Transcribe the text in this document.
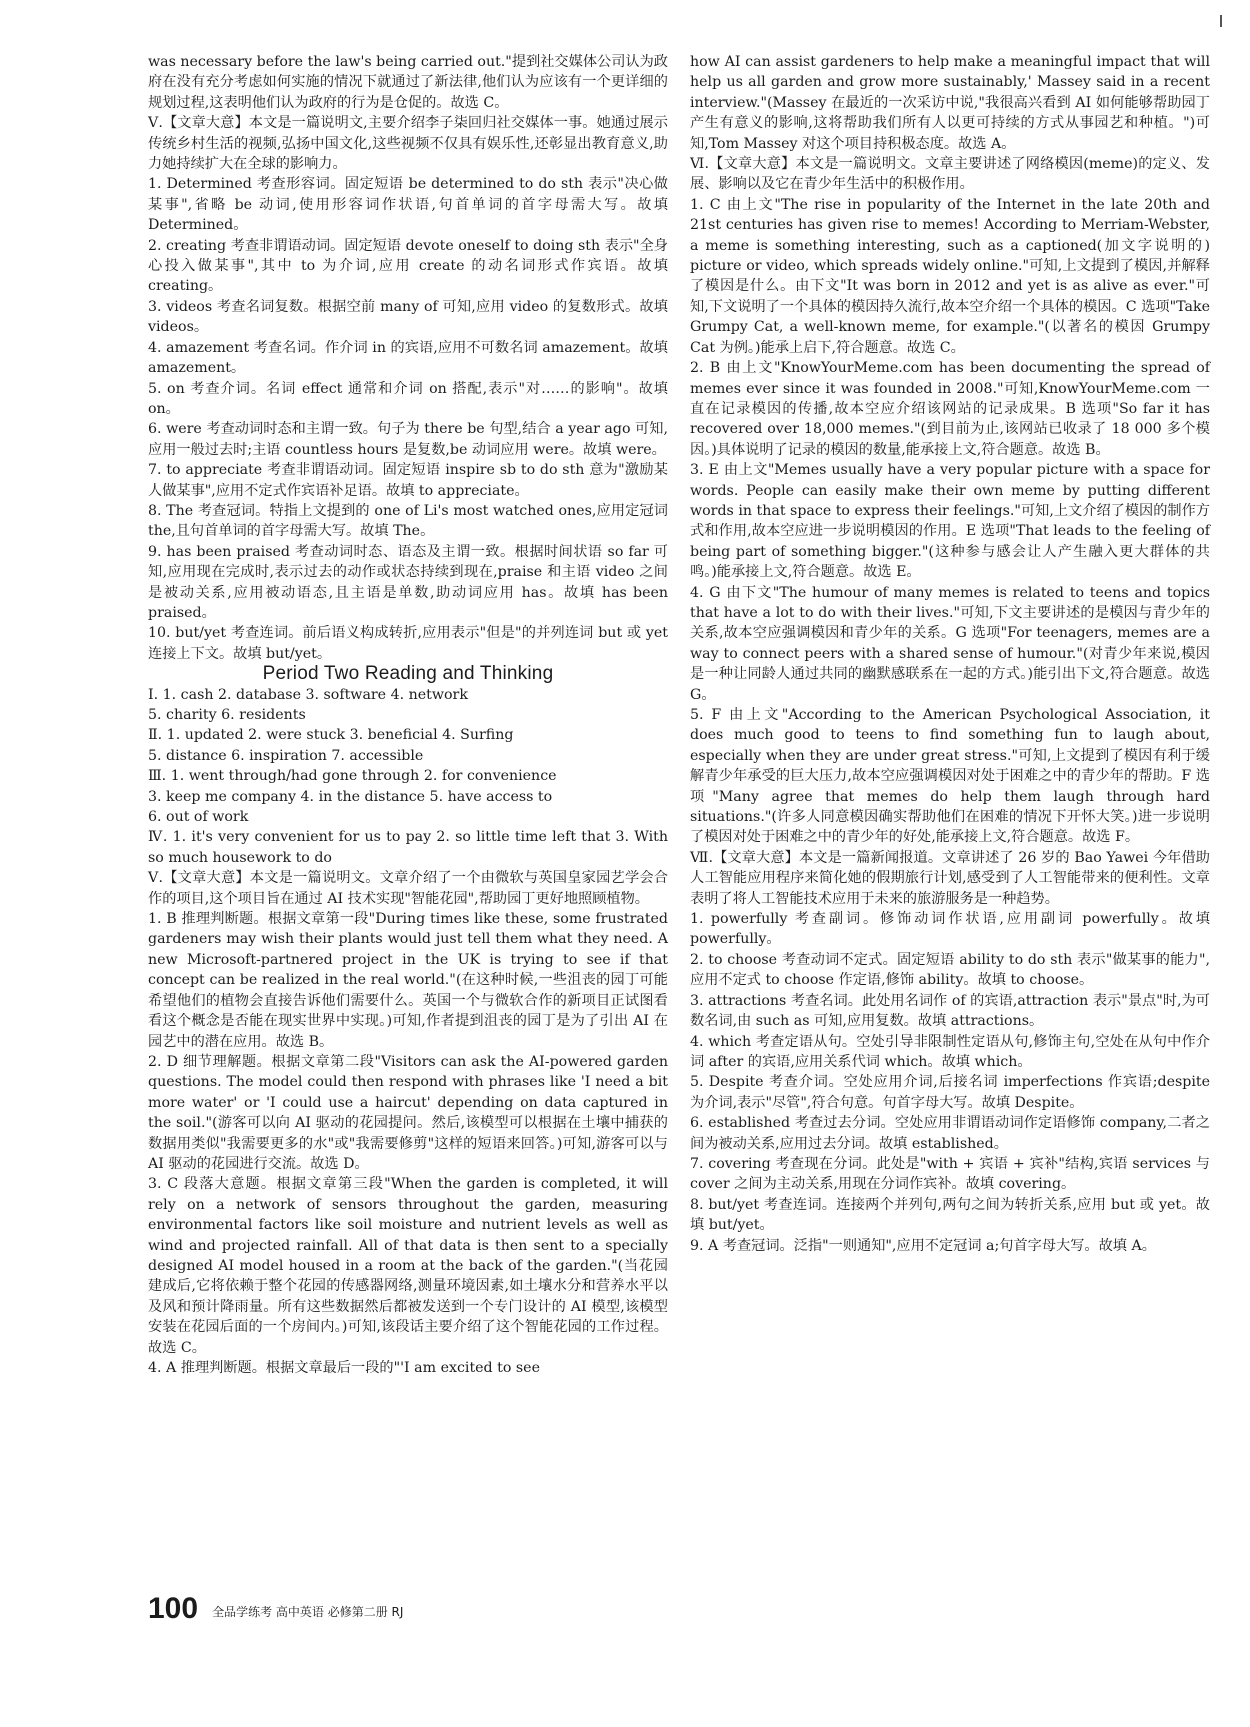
was necessary before the law's being carried out."提到社交媒体公司认为政府在没有充分考虑如何实施的情况下就通过了新法律,他们认为应该有一个更详细的规划过程,这表明他们认为政府的行为是仓促的。故选 C。

Ⅴ.【文章大意】本文是一篇说明文,主要介绍李子柒回归社交媒体一事。她通过展示传统乡村生活的视频,弘扬中国文化,这些视频不仅具有娱乐性,还彰显出教育意义,助力她持续扩大在全球的影响力。

1. Determined 考查形容词。固定短语 be determined to do sth 表示"决心做某事",省略 be 动词,使用形容词作状语,句首单词的首字母需大写。故填 Determined。

2. creating 考查非谓语动词。固定短语 devote oneself to doing sth 表示"全身心投入做某事",其中 to 为介词,应用 create 的动名词形式作宾语。故填 creating。

3. videos 考查名词复数。根据空前 many of 可知,应用 video 的复数形式。故填 videos。

4. amazement 考查名词。作介词 in 的宾语,应用不可数名词 amazement。故填 amazement。

5. on 考查介词。名词 effect 通常和介词 on 搭配,表示"对……的影响"。故填 on。

6. were 考查动词时态和主谓一致。句子为 there be 句型,结合 a year ago 可知,应用一般过去时;主语 countless hours 是复数,be 动词应用 were。故填 were。

7. to appreciate 考查非谓语动词。固定短语 inspire sb to do sth 意为"激励某人做某事",应用不定式作宾语补足语。故填 to appreciate。

8. The 考查冠词。特指上文提到的 one of Li's most watched ones,应用定冠词 the,且句首单词的首字母需大写。故填 The。

9. has been praised 考查动词时态、语态及主谓一致。根据时间状语 so far 可知,应用现在完成时,表示过去的动作或状态持续到现在,praise 和主语 video 之间是被动关系,应用被动语态,且主语是单数,助动词应用 has。故填 has been praised。

10. but/yet 考查连词。前后语义构成转折,应用表示"但是"的并列连词 but 或 yet 连接上下文。故填 but/yet。

Period Two Reading and Thinking

Ⅰ. 1. cash 2. database 3. software 4. network

5. charity 6. residents

Ⅱ. 1. updated 2. were stuck 3. beneficial 4. Surfing

5. distance 6. inspiration 7. accessible

Ⅲ. 1. went through/had gone through 2. for convenience

3. keep me company 4. in the distance 5. have access to

6. out of work

Ⅳ. 1. it's very convenient for us to pay 2. so little time left that 3. With so much housework to do

Ⅴ.【文章大意】本文是一篇说明文。文章介绍了一个由微软与英国皇家园艺学会合作的项目,这个项目旨在通过 AI 技术实现"智能花园",帮助园丁更好地照顾植物。

1. B 推理判断题。根据文章第一段"During times like these, some frustrated gardeners may wish their plants would just tell them what they need. A new Microsoft-partnered project in the UK is trying to see if that concept can be realized in the real world."(在这种时候,一些沮丧的园丁可能希望他们的植物会直接告诉他们需要什么。英国一个与微软合作的新项目正试图看看这个概念是否能在现实世界中实现。)可知,作者提到沮丧的园丁是为了引出 AI 在园艺中的潜在应用。故选 B。

2. D 细节理解题。根据文章第二段"Visitors can ask the AI-powered garden questions. The model could then respond with phrases like 'I need a bit more water' or 'I could use a haircut' depending on data captured in the soil."(游客可以向 AI 驱动的花园提问。然后,该模型可以根据在土壤中捕获的数据用类似"我需要更多的水"或"我需要修剪"这样的短语来回答。)可知,游客可以与 AI 驱动的花园进行交流。故选 D。

3. C 段落大意题。根据文章第三段"When the garden is completed, it will rely on a network of sensors throughout the garden, measuring environmental factors like soil moisture and nutrient levels as well as wind and projected rainfall. All of that data is then sent to a specially designed AI model housed in a room at the back of the garden."(当花园建成后,它将依赖于整个花园的传感器网络,测量环境因素,如土壤水分和营养水平以及风和预计降雨量。所有这些数据然后都被发送到一个专门设计的 AI 模型,该模型安装在花园后面的一个房间内。)可知,该段话主要介绍了这个智能花园的工作过程。故选 C。

4. A 推理判断题。根据文章最后一段的"'I am excited to see

how AI can assist gardeners to help make a meaningful impact that will help us all garden and grow more sustainably,' Massey said in a recent interview."(Massey 在最近的一次采访中说,"我很高兴看到 AI 如何能够帮助园丁产生有意义的影响,这将帮助我们所有人以更可持续的方式从事园艺和种植。")可知,Tom Massey 对这个项目持积极态度。故选 A。

Ⅵ.【文章大意】本文是一篇说明文。文章主要讲述了网络模因(meme)的定义、发展、影响以及它在青少年生活中的积极作用。

1. C 由上文"The rise in popularity of the Internet in the late 20th and 21st centuries has given rise to memes! According to Merriam-Webster, a meme is something interesting, such as a captioned(加文字说明的) picture or video, which spreads widely online."可知,上文提到了模因,并解释了模因是什么。由下文"It was born in 2012 and yet is as alive as ever."可知,下文说明了一个具体的模因持久流行,故本空介绍一个具体的模因。C 选项"Take Grumpy Cat, a well-known meme, for example."(以著名的模因 Grumpy Cat 为例。)能承上启下,符合题意。故选 C。

2. B 由上文"KnowYourMeme.com has been documenting the spread of memes ever since it was founded in 2008."可知,KnowYourMeme.com 一直在记录模因的传播,故本空应介绍该网站的记录成果。B 选项"So far it has recovered over 18,000 memes."(到目前为止,该网站已收录了 18 000 多个模因。)具体说明了记录的模因的数量,能承接上文,符合题意。故选 B。

3. E 由上文"Memes usually have a very popular picture with a space for words. People can easily make their own meme by putting different words in that space to express their feelings."可知,上文介绍了模因的制作方式和作用,故本空应进一步说明模因的作用。E 选项"That leads to the feeling of being part of something bigger."(这种参与感会让人产生融入更大群体的共鸣。)能承接上文,符合题意。故选 E。

4. G 由下文"The humour of many memes is related to teens and topics that have a lot to do with their lives."可知,下文主要讲述的是模因与青少年的关系,故本空应强调模因和青少年的关系。G 选项"For teenagers, memes are a way to connect peers with a shared sense of humour."(对青少年来说,模因是一种让同龄人通过共同的幽默感联系在一起的方式。)能引出下文,符合题意。故选 G。

5. F 由上文"According to the American Psychological Association, it does much good to teens to find something fun to laugh about, especially when they are under great stress."可知,上文提到了模因有利于缓解青少年承受的巨大压力,故本空应强调模因对处于困难之中的青少年的帮助。F 选项"Many agree that memes do help them laugh through hard situations."(许多人同意模因确实帮助他们在困难的情况下开怀大笑。)进一步说明了模因对处于困难之中的青少年的好处,能承接上文,符合题意。故选 F。

Ⅶ.【文章大意】本文是一篇新闻报道。文章讲述了 26 岁的 Bao Yawei 今年借助人工智能应用程序来简化她的假期旅行计划,感受到了人工智能带来的便利性。文章表明了将人工智能技术应用于未来的旅游服务是一种趋势。

1. powerfully 考查副词。修饰动词作状语,应用副词 powerfully。故填 powerfully。

2. to choose 考查动词不定式。固定短语 ability to do sth 表示"做某事的能力",应用不定式 to choose 作定语,修饰 ability。故填 to choose。

3. attractions 考查名词。此处用名词作 of 的宾语,attraction 表示"景点"时,为可数名词,由 such as 可知,应用复数。故填 attractions。

4. which 考查定语从句。空处引导非限制性定语从句,修饰主句,空处在从句中作介词 after 的宾语,应用关系代词 which。故填 which。

5. Despite 考查介词。空处应用介词,后接名词 imperfections 作宾语;despite 为介词,表示"尽管",符合句意。句首字母大写。故填 Despite。

6. established 考查过去分词。空处应用非谓语动词作定语修饰 company,二者之间为被动关系,应用过去分词。故填 established。

7. covering 考查现在分词。此处是"with + 宾语 + 宾补"结构,宾语 services 与 cover 之间为主动关系,用现在分词作宾补。故填 covering。

8. but/yet 考查连词。连接两个并列句,两句之间为转折关系,应用 but 或 yet。故填 but/yet。

9. A 考查冠词。泛指"一则通知",应用不定冠词 a;句首字母大写。故填 A。

100 全品学练考 高中英语 必修第二册 RJ
